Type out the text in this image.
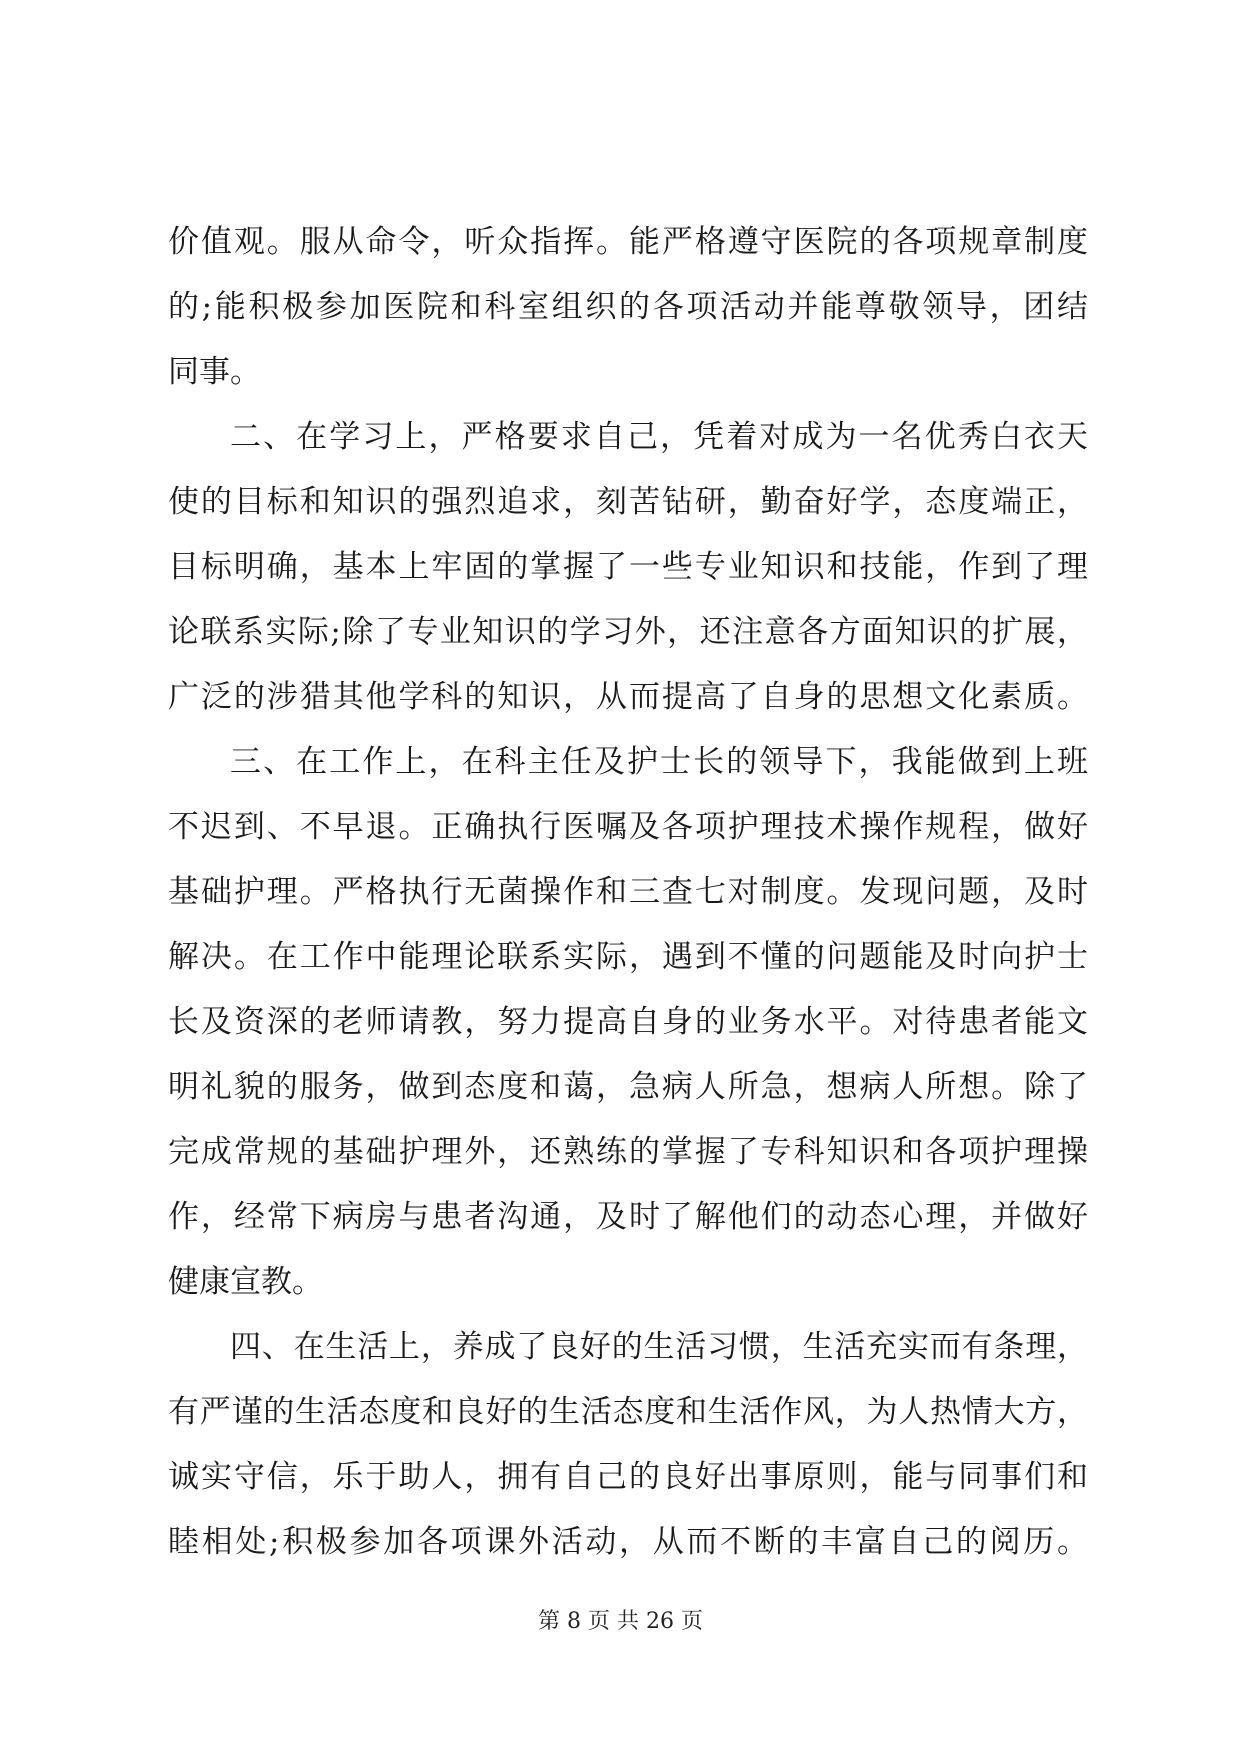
价值观。服从命令，听众指挥。能严格遵守医院的各项规章制度
的;能积极参加医院和科室组织的各项活动并能尊敬领导，团结
同事。
二、在学习上，严格要求自己，凭着对成为一名优秀白衣天
使的目标和知识的强烈追求，刻苦钻研，勤奋好学，态度端正，
目标明确，基本上牢固的掌握了一些专业知识和技能，作到了理
论联系实际;除了专业知识的学习外，还注意各方面知识的扩展，
广泛的涉猎其他学科的知识，从而提高了自身的思想文化素质。
三、在工作上，在科主任及护士长的领导下，我能做到上班
不迟到、不早退。正确执行医嘱及各项护理技术操作规程，做好
基础护理。严格执行无菌操作和三查七对制度。发现问题，及时
解决。在工作中能理论联系实际，遇到不懂的问题能及时向护士
长及资深的老师请教，努力提高自身的业务水平。对待患者能文
明礼貌的服务，做到态度和蔼，急病人所急，想病人所想。除了
完成常规的基础护理外，还熟练的掌握了专科知识和各项护理操
作，经常下病房与患者沟通，及时了解他们的动态心理，并做好
健康宣教。
四、在生活上，养成了良好的生活习惯，生活充实而有条理，
有严谨的生活态度和良好的生活态度和生活作风，为人热情大方，
诚实守信，乐于助人，拥有自己的良好出事原则，能与同事们和
睦相处;积极参加各项课外活动，从而不断的丰富自己的阅历。
第 8 页 共 26 页
